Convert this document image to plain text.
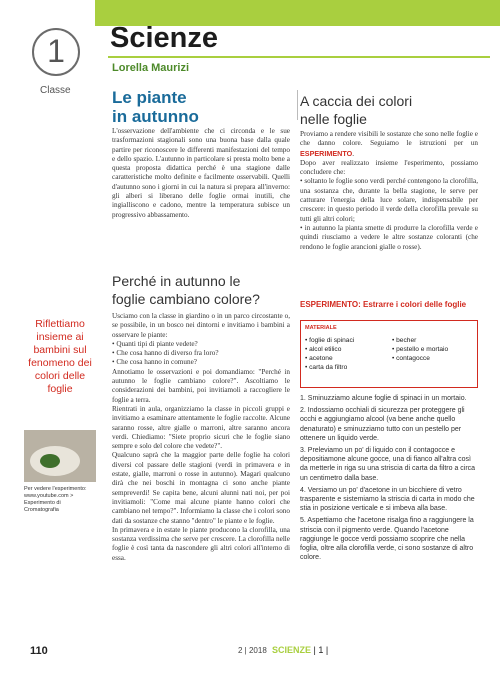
1
Classe
Scienze
Lorella Maurizi
Le piante
in autunno
A caccia dei colori
nelle foglie

L'osservazione dell'ambiente che ci circonda e le sue trasformazioni stagionali sono una buona base dalla quale partire per riconoscere le differenti manifestazioni del tempo e dello spazio. L'autunno in particolare si presta molto bene a questa proposta didattica perché è una stagione dalle caratteristiche molto definite e facilmente osservabili. Quelli d'autunno sono i giorni in cui la natura si prepara all'inverno: gli alberi si liberano delle foglie ormai inutili, che ingialliscono e cadono, mentre la temperatura subisce un progressivo abbassamento.

Perché in autunno le
foglie cambiano colore?

Usciamo con la classe in giardino o in un parco circostante o, se possibile, in un bosco nei dintorni e invitiamo i bambini a osservare le piante:

• Quanti tipi di piante vedete?

• Che cosa hanno di diverso fra loro?

• Che cosa hanno in comune?

Annotiamo le osservazioni e poi domandiamo: "Perché in autunno le foglie cambiano colore?". Ascoltiamo le considerazioni dei bambini, poi invitiamoli a raccogliere le foglie a terra.

Rientrati in aula, organizziamo la classe in piccoli gruppi e invitiamo a esaminare attentamente le foglie raccolte. Alcune saranno rosse, altre gialle o marroni, altre saranno ancora verdi. Chiediamo: "Siete proprio sicuri che le foglie siano sempre e solo del colore che vedete?".

Qualcuno saprà che la maggior parte delle foglie ha colori diversi col passare delle stagioni (verdi in primavera e in estate, gialle, marroni o rosse in autunno). Magari qualcuno dirà che nei boschi in montagna ci sono anche piante sempreverdi! Se capita bene, alcuni alunni nati noi, per poi invitiamoli: "Come mai alcune piante hanno colori che cambiano nel tempo?". Informiamo la classe che i colori sono dati da sostanze che stanno "dentro" le piante e le foglie.

In primavera e in estate le piante producono la clorofilla, una sostanza verdissima che serve per crescere. La clorofilla nelle foglie è così tanta da nascondere gli altri colori all'interno di essa.

Proviamo a rendere visibili le sostanze che sono nelle foglie e che danno colore. Seguiamo le istruzioni per un ESPERIMENTO.

Dopo aver realizzato insieme l'esperimento, possiamo concludere che:

• soltanto le foglie sono verdi perché contengono la clorofilla, una sostanza che, durante la bella stagione, le serve per catturare l'energia della luce solare, indispensabile per crescere: in questo periodo il verde della clorofilla prevale su tutti gli altri colori;

• in autunno la pianta smette di produrre la clorofilla verde e quindi riusciamo a vedere le altre sostanze coloranti (che rendono le foglie arancioni gialle o rosse).

ESPERIMENTO: Estrarre i colori delle foglie
MATERIALE
• foglie di spinaci
• alcol etilico
• acetone
• carta da filtro
• becher
• pestello e mortaio
• contagocce

1. Sminuzziamo alcune foglie di spinaci in un mortaio.

2. Indossiamo occhiali di sicurezza per proteggere gli occhi e aggiungiamo alcool (va bene anche quello denaturato) e sminuzziamo tutto con un pestello per ottenere un liquido verde.

3. Preleviamo un po' di liquido con il contagocce e depositiamone alcune gocce, una di fianco all'altra così da metterle in riga su una striscia di carta da filtro a circa un centimetro dalla base.

4. Versiamo un po' d'acetone in un bicchiere di vetro trasparente e sistemiamo la striscia di carta in modo che stia in posizione verticale e si imbeva alla base.

5. Aspettiamo che l'acetone risalga fino a raggiungere la striscia con il pigmento verde. Quando l'acetone raggiunge le gocce verdi possiamo scoprire che nella foglia, oltre alla clorofilla verde, ci sono sostanze di altro colore.

Riflettiamo insieme ai bambini sul fenomeno dei colori delle foglie
Per vedere l'esperimento: www.youtube.com > Esperimento di Cromatografia
110	2 | 2018 SCIENZE | 1 |
